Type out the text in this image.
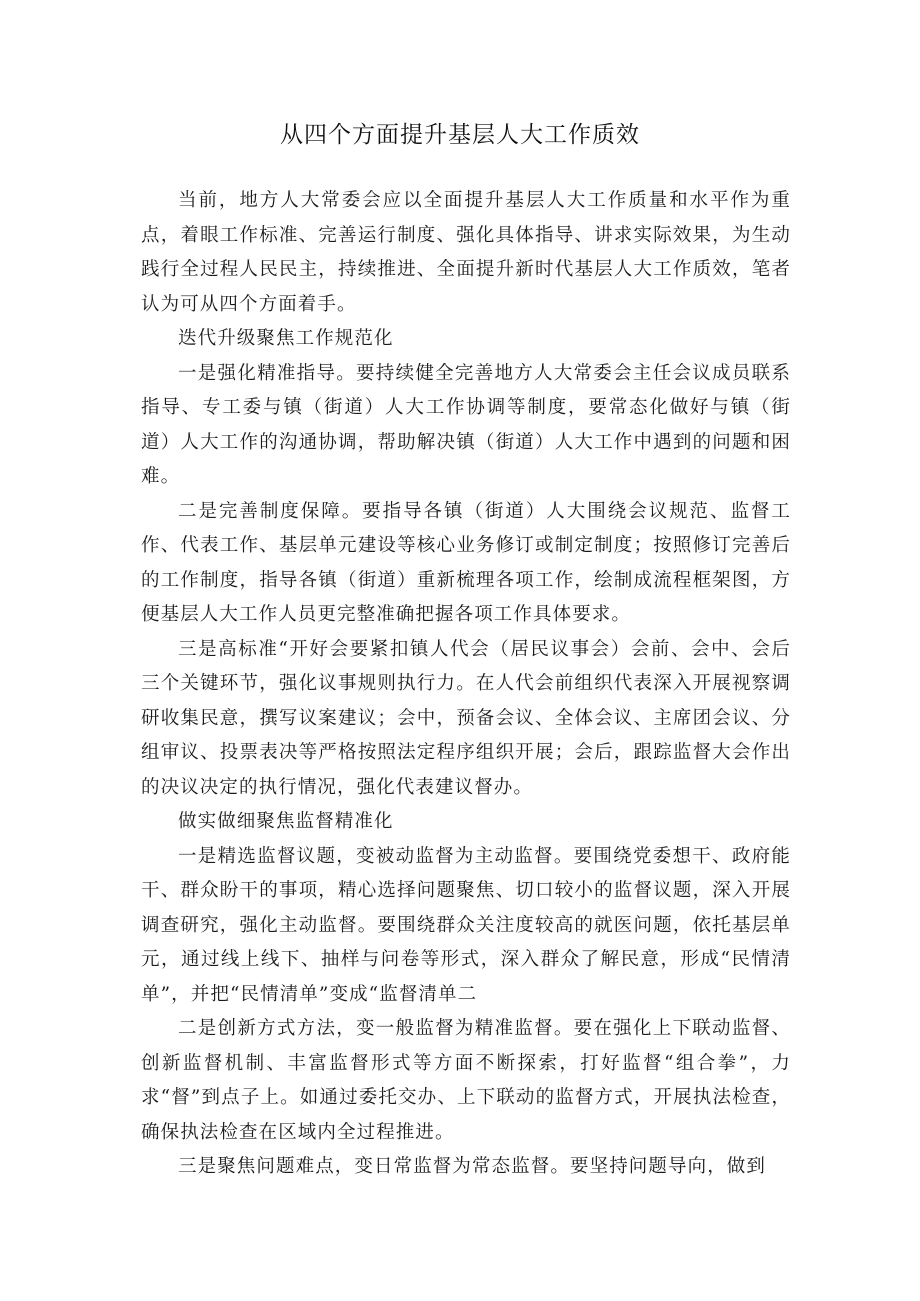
从四个方面提升基层人大工作质效

当前，地方人大常委会应以全面提升基层人大工作质量和水平作为重点，着眼工作标准、完善运行制度、强化具体指导、讲求实际效果，为生动践行全过程人民民主，持续推进、全面提升新时代基层人大工作质效，笔者认为可从四个方面着手。

迭代升级聚焦工作规范化

一是强化精准指导。要持续健全完善地方人大常委会主任会议成员联系指导、专工委与镇（街道）人大工作协调等制度，要常态化做好与镇（街道）人大工作的沟通协调，帮助解决镇（街道）人大工作中遇到的问题和困难。

二是完善制度保障。要指导各镇（街道）人大围绕会议规范、监督工作、代表工作、基层单元建设等核心业务修订或制定制度；按照修订完善后的工作制度，指导各镇（街道）重新梳理各项工作，绘制成流程框架图，方便基层人大工作人员更完整准确把握各项工作具体要求。

三是高标准“开好会要紧扣镇人代会（居民议事会）会前、会中、会后三个关键环节，强化议事规则执行力。在人代会前组织代表深入开展视察调研收集民意，撰写议案建议；会中，预备会议、全体会议、主席团会议、分组审议、投票表决等严格按照法定程序组织开展；会后，跟踪监督大会作出的决议决定的执行情况，强化代表建议督办。

做实做细聚焦监督精准化

一是精选监督议题，变被动监督为主动监督。要围绕党委想干、政府能干、群众盼干的事项，精心选择问题聚焦、切口较小的监督议题，深入开展调查研究，强化主动监督。要围绕群众关注度较高的就医问题，依托基层单元，通过线上线下、抽样与问卷等形式，深入群众了解民意，形成“民情清单”，并把“民情清单”变成“监督清单二

二是创新方式方法，变一般监督为精准监督。要在强化上下联动监督、创新监督机制、丰富监督形式等方面不断探索，打好监督“组合拳”，力求“督”到点子上。如通过委托交办、上下联动的监督方式，开展执法检查，确保执法检查在区域内全过程推进。

三是聚焦问题难点，变日常监督为常态监督。要坚持问题导向，做到
